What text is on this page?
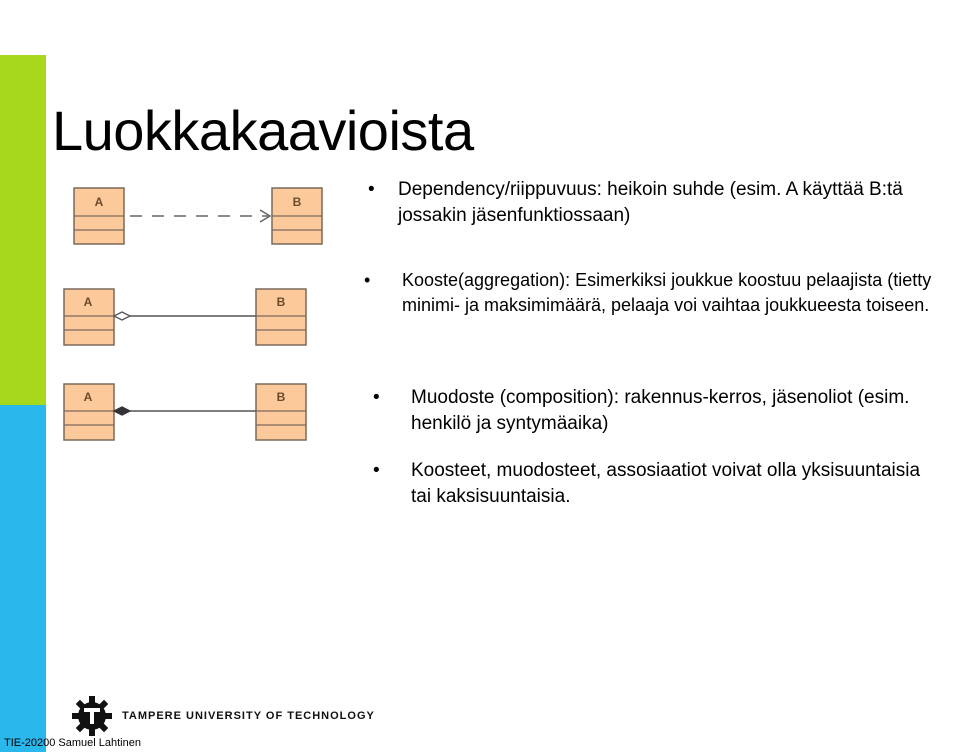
Luokkakaavioista
A	B
A	B
A	B
• Dependency/riippuvuus: heikoin suhde (esim. A käyttää B:tä jossakin jäsenfunktiossaan)
• Kooste(aggregation): Esimerkiksi joukkue koostuu pelaajista (tietty minimi- ja maksimimäärä, pelaaja voi vaihtaa joukkueesta toiseen.
• Muodoste (composition): rakennus-kerros, jäsenoliot (esim. henkilö ja syntymäaika)
• Koosteet, muodosteet, assosiaatiot voivat olla yksisuuntaisia tai kaksisuuntaisia.
TAMPERE UNIVERSITY OF TECHNOLOGY
TIE-20200 Samuel Lahtinen
